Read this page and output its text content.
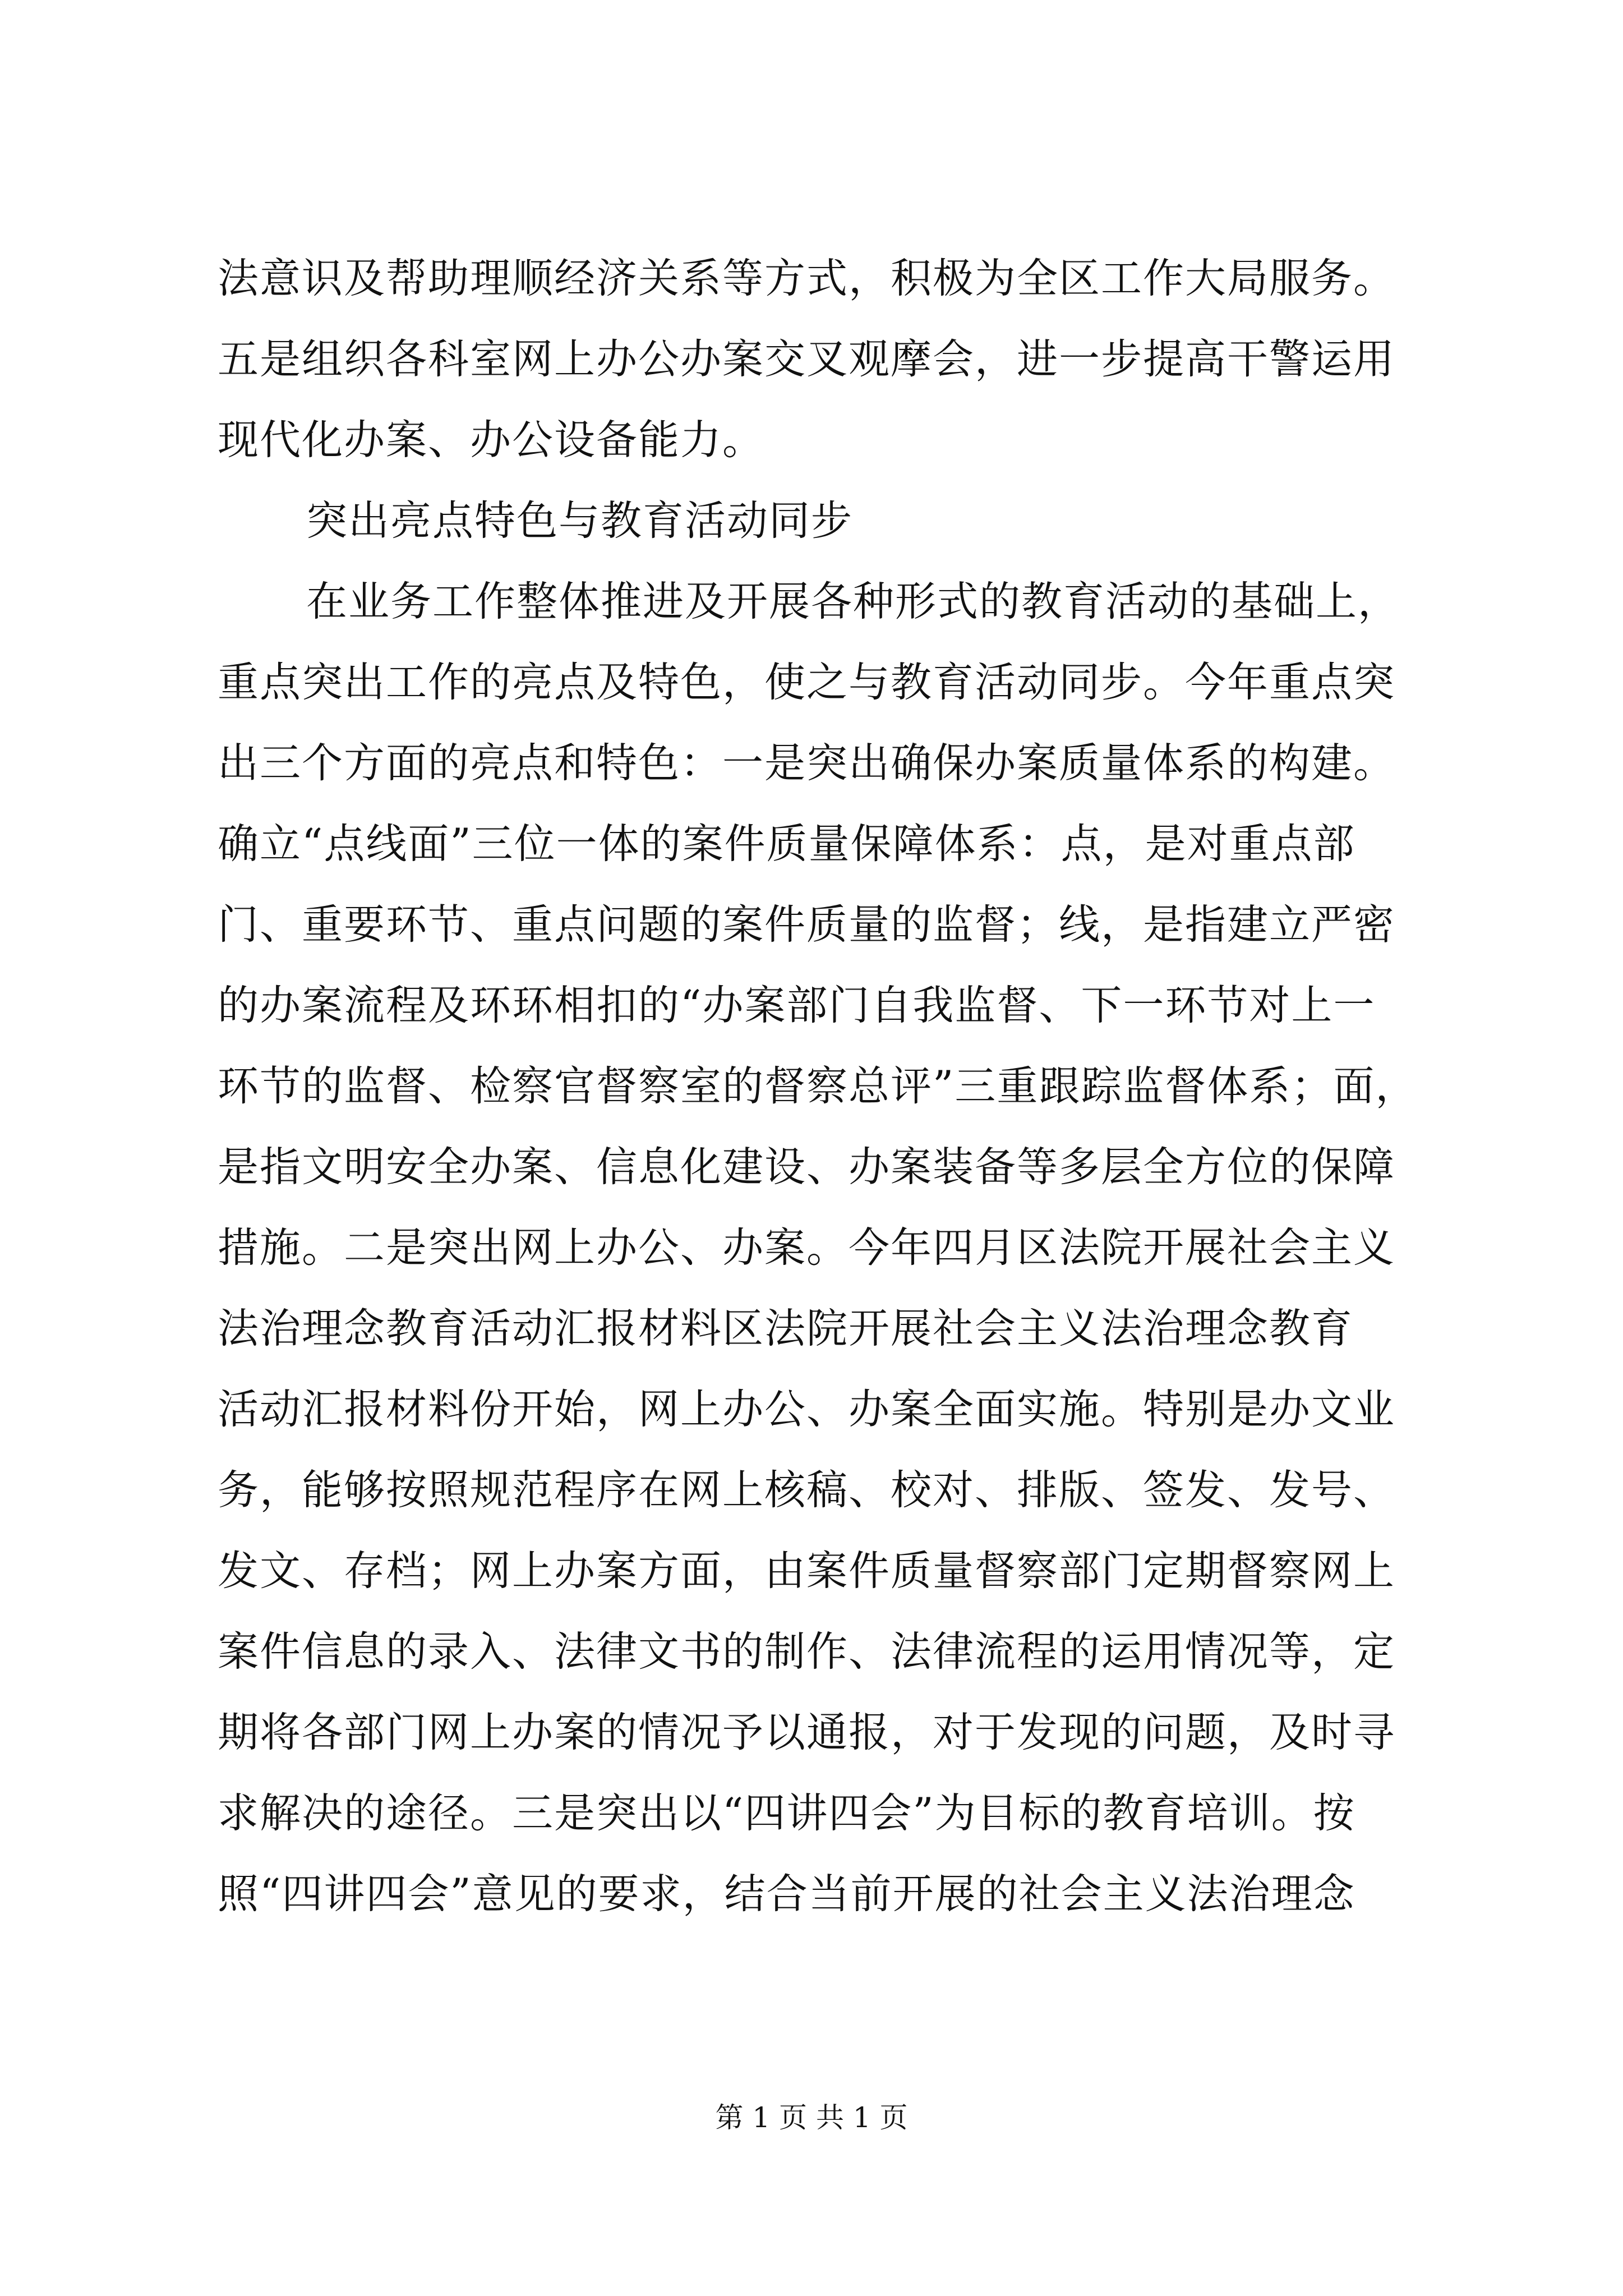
法意识及帮助理顺经济关系等方式，积极为全区工作大局服务。
五是组织各科室网上办公办案交叉观摩会，进一步提高干警运用
现代化办案、办公设备能力。
突出亮点特色与教育活动同步
在业务工作整体推进及开展各种形式的教育活动的基础上，
重点突出工作的亮点及特色，使之与教育活动同步。今年重点突
出三个方面的亮点和特色：一是突出确保办案质量体系的构建。
确立“点线面”三位一体的案件质量保障体系：点，是对重点部
门、重要环节、重点问题的案件质量的监督；线，是指建立严密
的办案流程及环环相扣的“办案部门自我监督、下一环节对上一
环节的监督、检察官督察室的督察总评”三重跟踪监督体系；面，
是指文明安全办案、信息化建设、办案装备等多层全方位的保障
措施。二是突出网上办公、办案。今年四月区法院开展社会主义
法治理念教育活动汇报材料区法院开展社会主义法治理念教育
活动汇报材料份开始，网上办公、办案全面实施。特别是办文业
务，能够按照规范程序在网上核稿、校对、排版、签发、发号、
发文、存档；网上办案方面，由案件质量督察部门定期督察网上
案件信息的录入、法律文书的制作、法律流程的运用情况等，定
期将各部门网上办案的情况予以通报，对于发现的问题，及时寻
求解决的途径。三是突出以“四讲四会”为目标的教育培训。按
照“四讲四会”意见的要求，结合当前开展的社会主义法治理念
第 1 页 共 1 页
